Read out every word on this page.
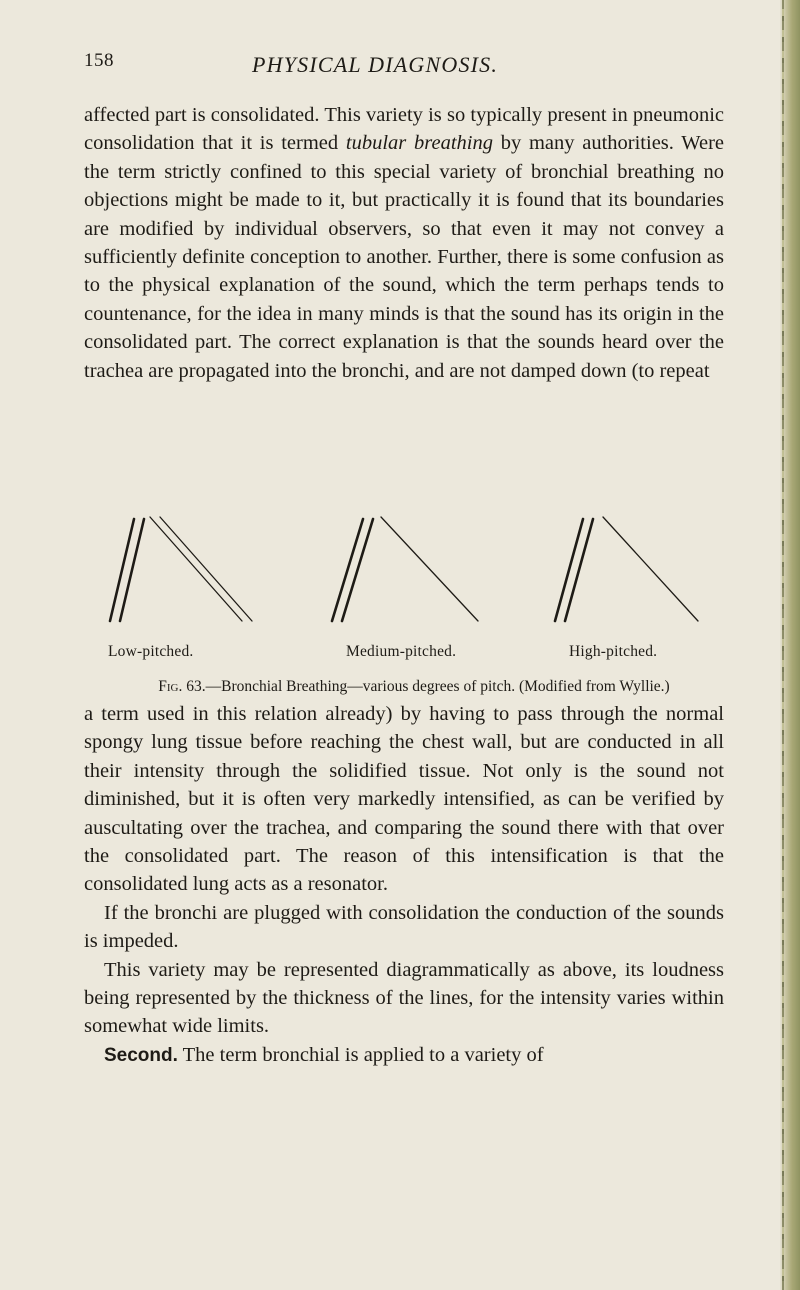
158	PHYSICAL DIAGNOSIS.

affected part is consolidated. This variety is so typically present in pneumonic consolidation that it is termed tubular breathing by many authorities. Were the term strictly confined to this special variety of bronchial breathing no objections might be made to it, but practically it is found that its boundaries are modified by individual observers, so that even it may not convey a sufficiently definite conception to another. Further, there is some confusion as to the physical explanation of the sound, which the term perhaps tends to countenance, for the idea in many minds is that the sound has its origin in the consolidated part. The correct explanation is that the sounds heard over the trachea are propagated into the bronchi, and are not damped down (to repeat

Low-pitched.	Medium-pitched.	High-pitched.
Fig. 63.—Bronchial Breathing—various degrees of pitch. (Modified from Wyllie.)

a term used in this relation already) by having to pass through the normal spongy lung tissue before reaching the chest wall, but are conducted in all their intensity through the solidified tissue. Not only is the sound not diminished, but it is often very markedly intensified, as can be verified by auscultating over the trachea, and comparing the sound there with that over the consolidated part. The reason of this intensification is that the consolidated lung acts as a resonator.

If the bronchi are plugged with consolidation the conduction of the sounds is impeded.

This variety may be represented diagrammatically as above, its loudness being represented by the thickness of the lines, for the intensity varies within somewhat wide limits.

Second. The term bronchial is applied to a variety of
